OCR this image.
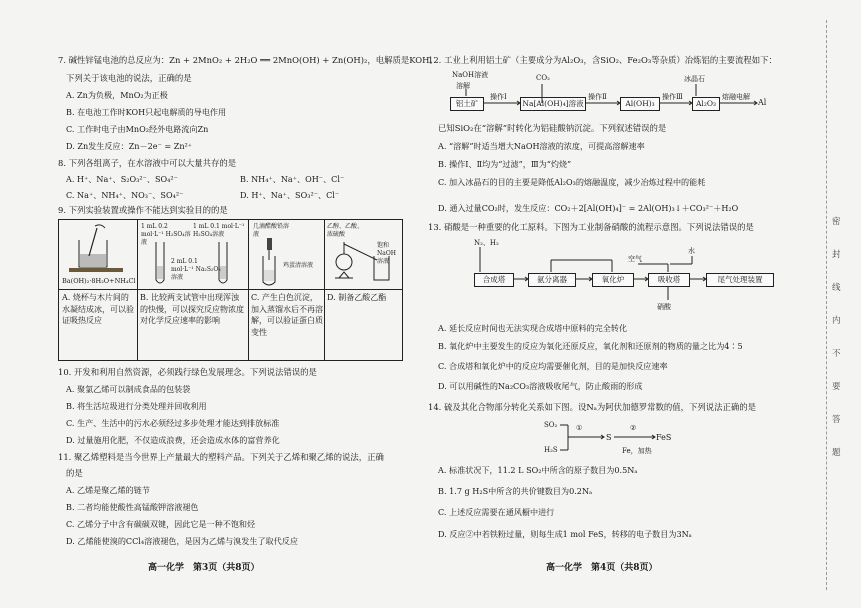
7. 碱性锌锰电池的总反应为：Zn + 2MnO₂ + 2H₂O ══ 2MnO(OH) + Zn(OH)₂，电解质是KOH。
下列关于该电池的说法，正确的是
A. Zn为负极，MnO₂为正极
B. 在电池工作时KOH只起电解质的导电作用
C. 工作时电子由MnO₂经外电路流向Zn
D. Zn发生反应：Zn－2e⁻ = Zn²⁺
8. 下列各组离子，在水溶液中可以大量共存的是
A. H⁺、Na⁺、S₂O₃²⁻、SO₄²⁻	B. NH₄⁺、Na⁺、OH⁻、Cl⁻
C. Na⁺、NH₄⁺、NO₃⁻、SO₄²⁻	D. H⁺、Na⁺、SO₃²⁻、Cl⁻
9. 下列实验装置或操作不能达到实验目的的是
Ba(OH)₂·8H₂O+NH₄Cl
1 mL 0.2 mol·L⁻¹ H₂SO₄溶液
1 mL 0.1 mol·L⁻¹ H₂SO₄溶液
2 mL 0.1 mol·L⁻¹ Na₂S₂O₃溶液
几滴醋酸铅溶液
鸡蛋清溶液
乙醇、乙酸、浓硫酸
饱和NaOH溶液
A. 烧杯与木片间的水凝结成冰，可以验证吸热反应
B. 比较两支试管中出现浑浊的快慢，可以探究反应物浓度对化学反应速率的影响
C. 产生白色沉淀，加入蒸馏水后不再溶解，可以验证蛋白质变性
D. 制备乙酸乙酯
10. 开发和利用自然资源，必须践行绿色发展理念。下列说法错误的是
A. 聚氯乙烯可以制成食品的包装袋
B. 将生活垃圾进行分类处理并回收利用
C. 生产、生活中的污水必须经过多步处理才能达到排放标准
D. 过量施用化肥，不仅造成浪费，还会造成水体的富营养化
11. 聚乙烯塑料是当今世界上产量最大的塑料产品。下列关于乙烯和聚乙烯的说法，正确
的是
A. 乙烯是聚乙烯的链节
B. 二者均能使酸性高锰酸钾溶液褪色
C. 乙烯分子中含有碳碳双键，因此它是一种不饱和烃
D. 乙烯能使溴的CCl₄溶液褪色，是因为乙烯与溴发生了取代反应
高一化学　第3页（共8页）
12. 工业上利用铝土矿（主要成分为Al₂O₃，含SiO₂、Fe₂O₃等杂质）冶炼铝的主要流程如下：
NaOH溶液
溶解
CO₂	冰晶石
铝土矿
操作Ⅰ
Na[Al(OH)₄]溶液
操作Ⅱ
Al(OH)₃
操作Ⅲ
Al₂O₃
熔融电解
Al
已知SiO₂在“溶解”时转化为铝硅酸钠沉淀。下列叙述错误的是
A. “溶解”时适当增大NaOH溶液的浓度，可提高溶解速率
B. 操作Ⅰ、Ⅱ均为“过滤”，Ⅲ为“灼烧”
C. 加入冰晶石的目的主要是降低Al₂O₃的熔融温度，减少冶炼过程中的能耗
D. 通入过量CO₂时，发生反应：CO₂＋2[Al(OH)₄]⁻ = 2Al(OH)₃↓＋CO₃²⁻＋H₂O
13. 硝酸是一种重要的化工原料。下图为工业制备硝酸的流程示意图。下列说法错误的是
N₂、H₂
空气
水
合成塔	氨分离器	氧化炉	吸收塔	尾气处理装置
硝酸
A. 延长反应时间也无法实现合成塔中原料的完全转化
B. 氧化炉中主要发生的反应为氧化还原反应，氧化剂和还原剂的物质的量之比为4∶5
C. 合成塔和氧化炉中的反应均需要催化剂，目的是加快反应速率
D. 可以用碱性的Na₂CO₃溶液吸收尾气，防止酸雨的形成
14. 硫及其化合物部分转化关系如下图。设Nₐ为阿伏加德罗常数的值，下列说法正确的是
SO₂
H₂S
①
S
②
Fe，加热
FeS
A. 标准状况下，11.2 L SO₂中所含的原子数目为0.5Nₐ
B. 1.7 g H₂S中所含的共价键数目为0.2Nₐ
C. 上述反应需要在通风橱中进行
D. 反应②中若铁粉过量，则每生成1 mol FeS，转移的电子数目为3Nₐ
高一化学　第4页（共8页）
密
封
线
内
不
要
答
题
